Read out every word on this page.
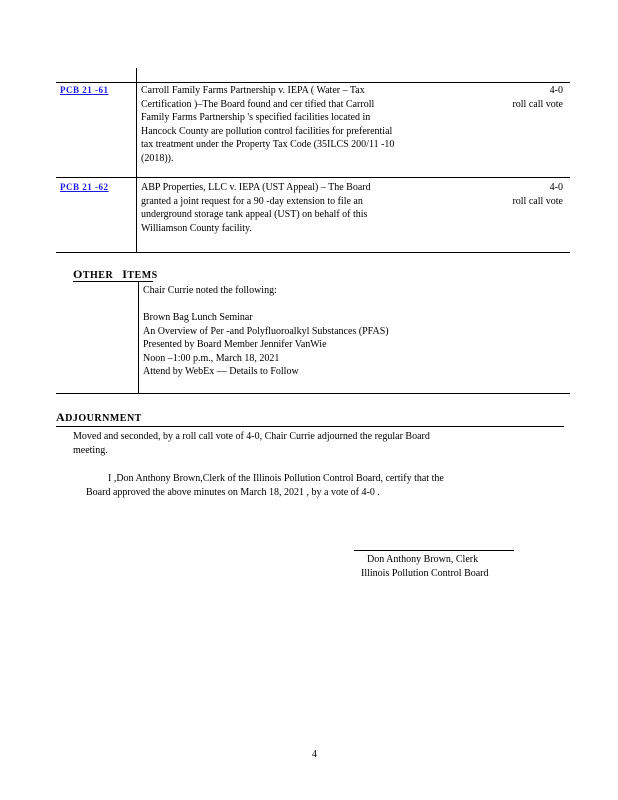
PCB 21 -61	Carroll Family Farms Partnership v. IEPA ( Water – Tax
Certification )–The Board found and cer tified that Carroll
Family Farms Partnership 's specified facilities located in
Hancock County are pollution control facilities for preferential
tax treatment under the Property Tax Code (35ILCS 200/11 -10
(2018)).
4-0
roll call vote
PCB 21 -62	ABP Properties, LLC v. IEPA (UST Appeal) – The Board
granted a joint request for a 90 -day extension to file an
underground storage tank appeal (UST) on behalf of this
Williamson County facility.
4-0
roll call vote
OTHER ITEMS
Chair Currie noted the following:
Brown Bag Lunch Seminar
An Overview of Per -and Polyfluoroalkyl Substances (PFAS)
Presented by Board Member Jennifer VanWie
Noon –1:00 p.m., March 18, 2021
Attend by WebEx — Details to Follow
ADJOURNMENT
Moved and seconded, by a roll call vote of 4-0, Chair Currie adjourned the regular Board
meeting.
I ,Don Anthony Brown,Clerk of the Illinois Pollution Control Board, certify that the
Board approved the above minutes on March 18, 2021 , by a vote of 4-0 .
Don Anthony Brown, Clerk
Illinois Pollution Control Board
4
